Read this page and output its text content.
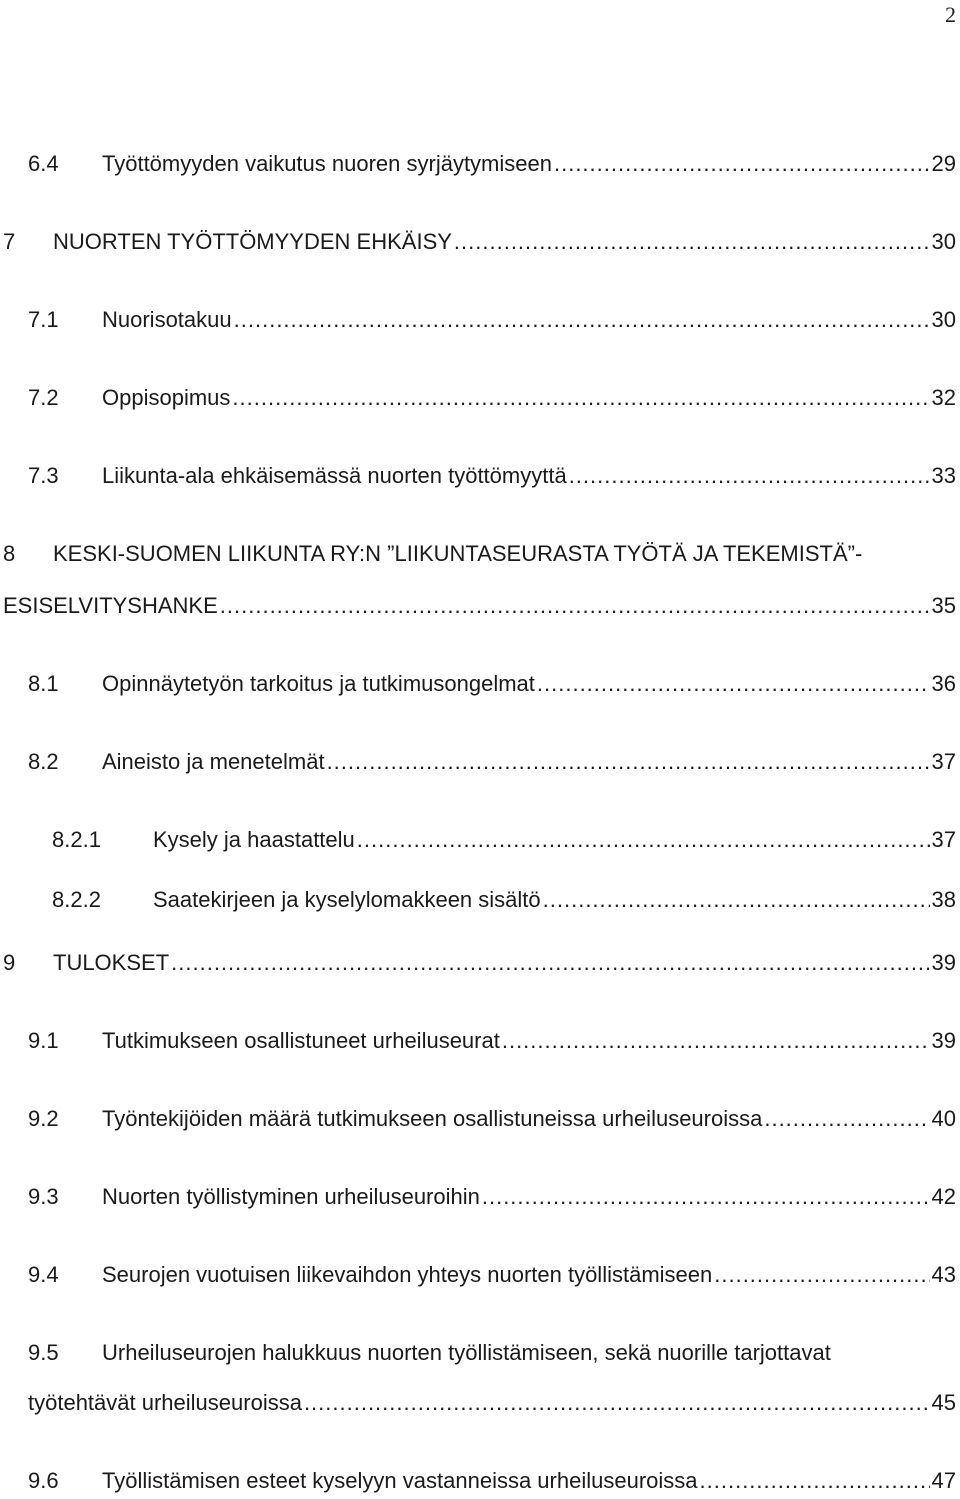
2
6.4	Työttömyyden vaikutus nuoren syrjäytymiseen .....	29
7	NUORTEN TYÖTTÖMYYDEN EHKÄISY .....	30
7.1	Nuorisotakuu .....	30
7.2	Oppisopimus .....	32
7.3	Liikunta-ala ehkäisemässä nuorten työttömyyttä .....	33
8	KESKI-SUOMEN LIIKUNTA RY:N ”LIIKUNTASEURASTA TYÖTÄ JA TEKEMISTÄ”-
ESISELVITYSHANKE .....	35
8.1	Opinnäytetyön tarkoitus ja tutkimusongelmat .....	36
8.2	Aineisto ja menetelmät .....	37
8.2.1	Kysely ja haastattelu .....	37
8.2.2	Saatekirjeen ja kyselylomakkeen sisältö .....	38
9	TULOKSET .....	39
9.1	Tutkimukseen osallistuneet urheiluseurat .....	39
9.2	Työntekijöiden määrä tutkimukseen osallistuneissa urheiluseuroissa .....	40
9.3	Nuorten työllistyminen urheiluseuroihin .....	42
9.4	Seurojen vuotuisen liikevaihdon yhteys nuorten työllistämiseen .....	43
9.5	Urheiluseurojen halukkuus nuorten työllistämiseen, sekä nuorille tarjottavat
työtehtävät urheiluseuroissa .....	45
9.6	Työllistämisen esteet kyselyyn vastanneissa urheiluseuroissa .....	47
